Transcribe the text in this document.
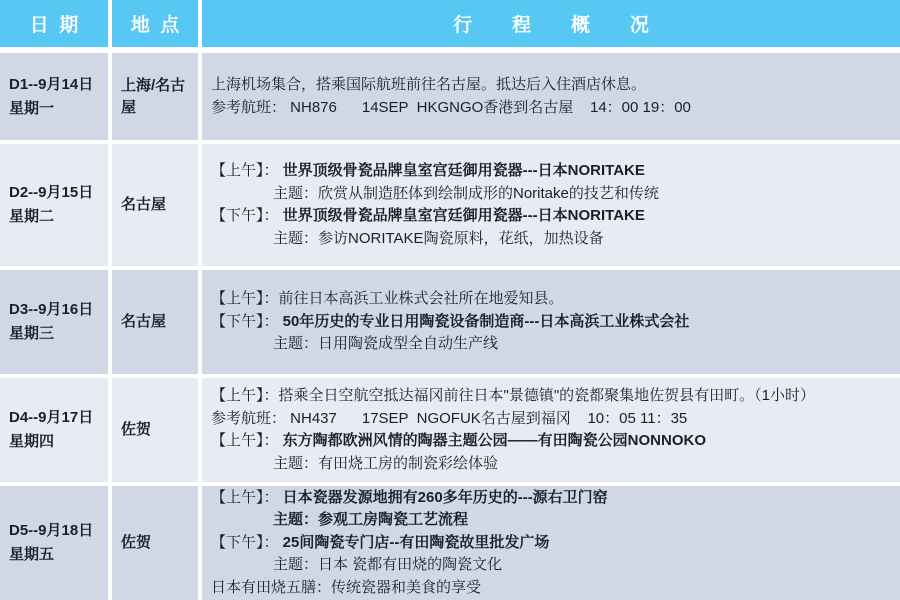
日期	地点	行程概况
D1--9月14日
星期一
上海/名古屋
上海机场集合，搭乘国际航班前往名古屋。抵达后入住酒店休息。
参考航班： NH876      14SEP  HKGNGO香港到名古屋    14：00 19：00
D2--9月15日
星期二
名古屋
【上午】： 世界顶级骨瓷品牌皇室宫廷御用瓷器---日本NORITAKE
主题：欣赏从制造胚体到绘制成形的Noritake的技艺和传统
【下午】： 世界顶级骨瓷品牌皇室宫廷御用瓷器---日本NORITAKE
主题：参访NORITAKE陶瓷原料，花纸，加热设备
D3--9月16日
星期三
名古屋
【上午】：前往日本高浜工业株式会社所在地爱知县。
【下午】： 50年历史的专业日用陶瓷设备制造商---日本高浜工业株式会社
主题：日用陶瓷成型全自动生产线
D4--9月17日
星期四
佐贺
【上午】：搭乘全日空航空抵达福冈前往日本"景德镇"的瓷都聚集地佐贺县有田町。（1小时）
参考航班： NH437      17SEP  NGOFUK名古屋到福冈    10：05 11：35
【上午】： 东方陶都欧洲风情的陶器主题公园——有田陶瓷公园NONNOKO
主题：有田烧工房的制瓷彩绘体验
D5--9月18日
星期五
佐贺
【上午】： 日本瓷器发源地拥有260多年历史的---源右卫门窑
主题：参观工房陶瓷工艺流程
【下午】： 25间陶瓷专门店--有田陶瓷故里批发广场
主题：日本 瓷都有田烧的陶瓷文化
日本有田烧五膳：传统瓷器和美食的享受
